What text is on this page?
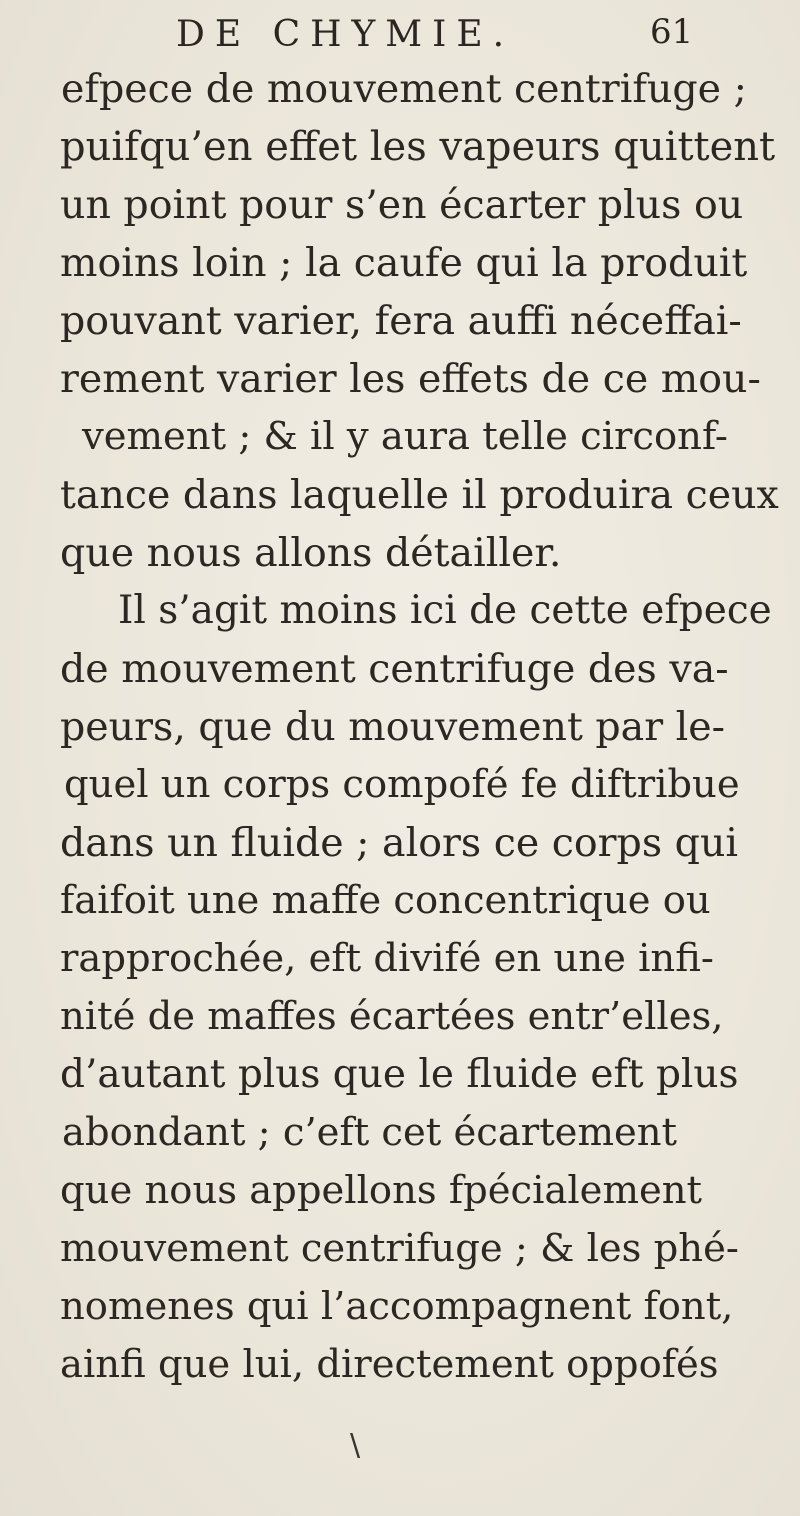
DE CHYMIE.	61
efpece de mouvement centrifuge ;
puifqu’en effet les vapeurs quittent
un point pour s’en écarter plus ou
moins loin ; la caufe qui la produit
pouvant varier, fera auffi néceffai-
rement varier les effets de ce mou-
vement ; & il y aura telle circonf-
tance dans laquelle il produira ceux
que nous allons détailler.
Il s’agit moins ici de cette efpece
de mouvement centrifuge des va-
peurs, que du mouvement par le-
quel un corps compofé fe diftribue
dans un fluide ; alors ce corps qui
faifoit une maffe concentrique ou
rapprochée, eft divifé en une infi-
nité de maffes écartées entr’elles,
d’autant plus que le fluide eft plus
abondant ; c’eft cet écartement
que nous appellons fpécialement
mouvement centrifuge ; & les phé-
nomenes qui l’accompagnent font,
ainfi que lui, directement oppofés
\
